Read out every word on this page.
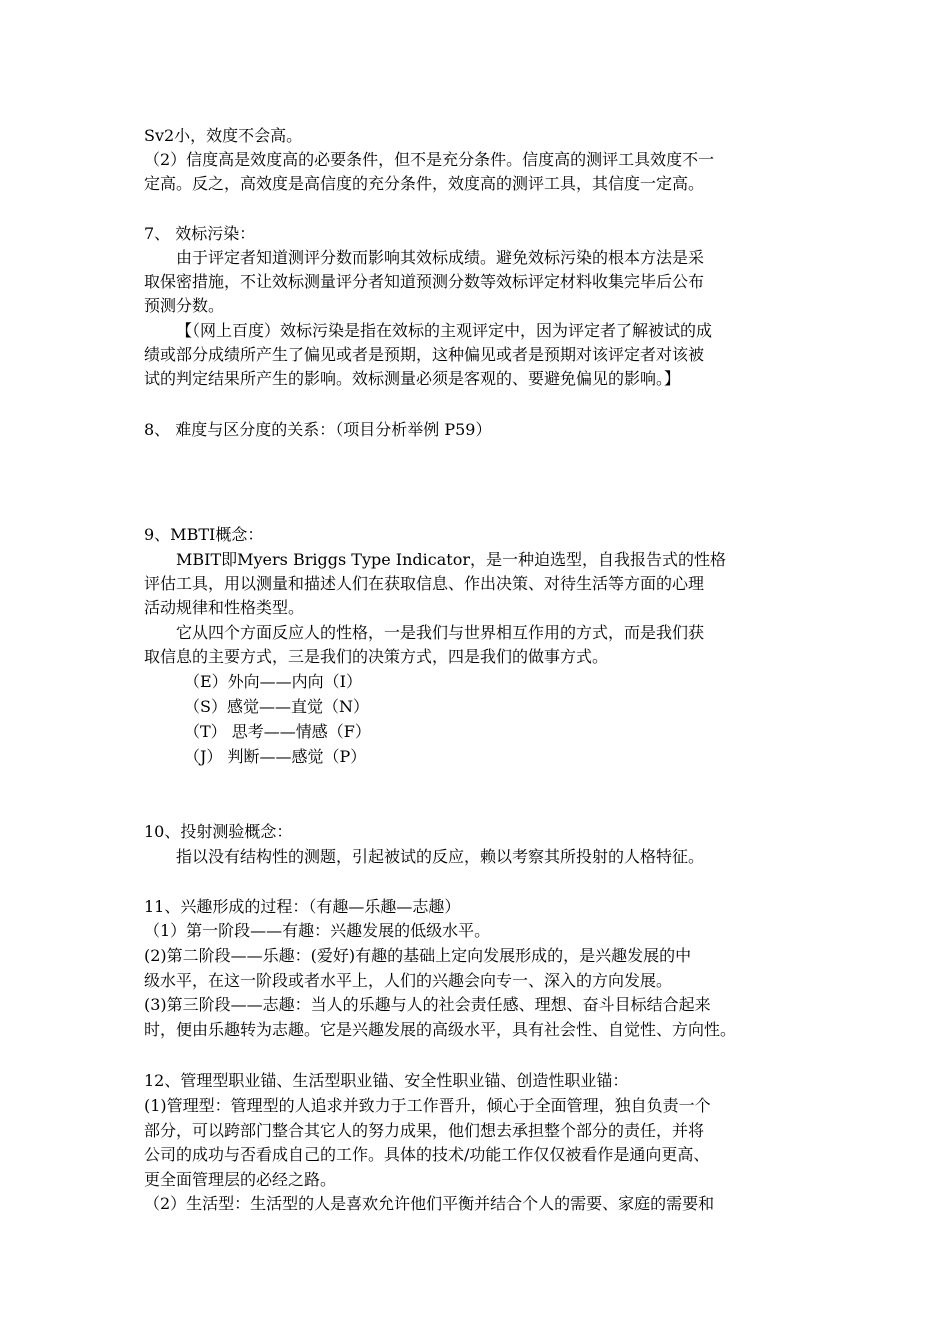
Sv2小，效度不会高。
（2）信度高是效度高的必要条件，但不是充分条件。信度高的测评工具效度不一
定高。反之，高效度是高信度的充分条件，效度高的测评工具，其信度一定高。
7、 效标污染：
由于评定者知道测评分数而影响其效标成绩。避免效标污染的根本方法是采
取保密措施，不让效标测量评分者知道预测分数等效标评定材料收集完毕后公布
预测分数。
【（网上百度）效标污染是指在效标的主观评定中，因为评定者了解被试的成
绩或部分成绩所产生了偏见或者是预期，这种偏见或者是预期对该评定者对该被
试的判定结果所产生的影响。效标测量必须是客观的、要避免偏见的影响。】
8、 难度与区分度的关系：（项目分析举例 P59）
9、MBTI概念：
MBIT即Myers Briggs Type Indicator，是一种迫选型，自我报告式的性格
评估工具，用以测量和描述人们在获取信息、作出决策、对待生活等方面的心理
活动规律和性格类型。
它从四个方面反应人的性格，一是我们与世界相互作用的方式，而是我们获
取信息的主要方式，三是我们的决策方式，四是我们的做事方式。
（E）外向——内向（I）
（S）感觉——直觉（N）
（T） 思考——情感（F）
（J） 判断——感觉（P）
10、投射测验概念：
指以没有结构性的测题，引起被试的反应，赖以考察其所投射的人格特征。
11、兴趣形成的过程：（有趣—乐趣—志趣）
（1）第一阶段——有趣：兴趣发展的低级水平。
(2)第二阶段——乐趣：(爱好)有趣的基础上定向发展形成的，是兴趣发展的中
级水平，在这一阶段或者水平上，人们的兴趣会向专一、深入的方向发展。
(3)第三阶段——志趣：当人的乐趣与人的社会责任感、理想、奋斗目标结合起来
时，便由乐趣转为志趣。它是兴趣发展的高级水平，具有社会性、自觉性、方向性。
12、管理型职业锚、生活型职业锚、安全性职业锚、创造性职业锚：
(1)管理型：管理型的人追求并致力于工作晋升，倾心于全面管理，独自负责一个
部分，可以跨部门整合其它人的努力成果，他们想去承担整个部分的责任，并将
公司的成功与否看成自己的工作。具体的技术/功能工作仅仅被看作是通向更高、
更全面管理层的必经之路。
（2）生活型：生活型的人是喜欢允许他们平衡并结合个人的需要、家庭的需要和
